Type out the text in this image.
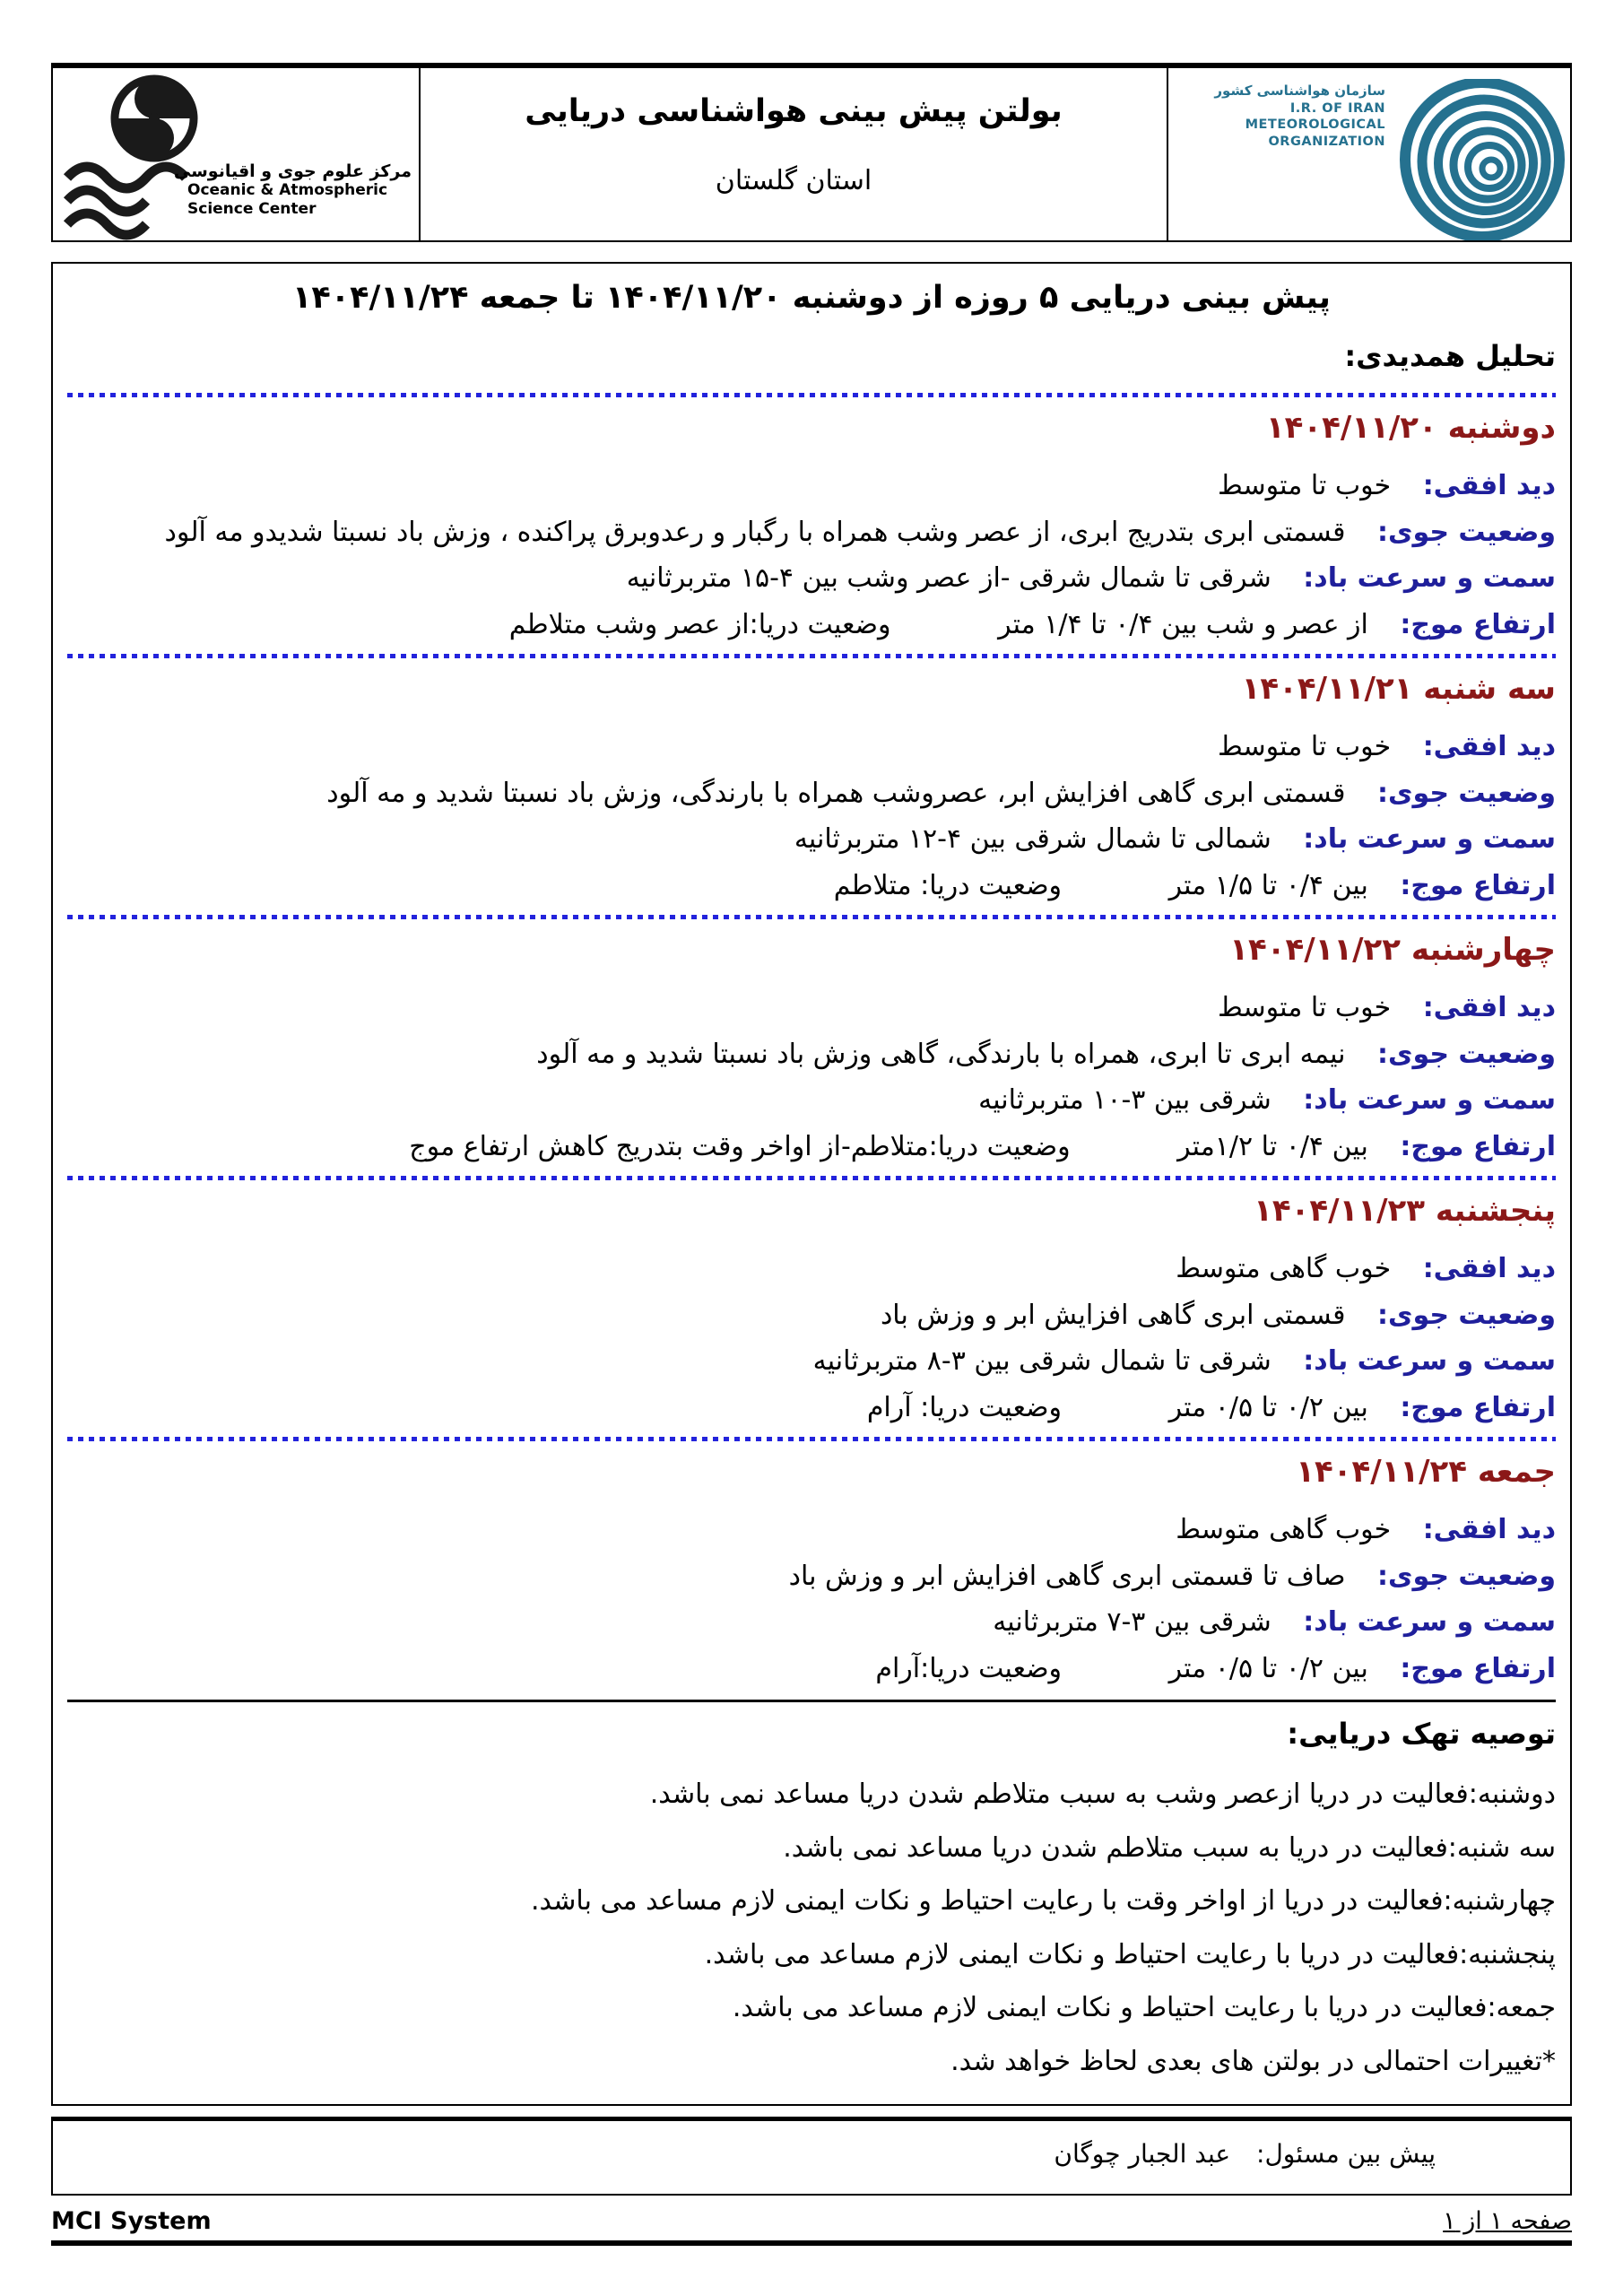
مرکز علوم جوی و اقیانوسی
Oceanic & Atmospheric
Science Center
بولتن پیش بینی هواشناسی دریایی
استان گلستان
سازمان هواشناسی کشور
I.R. OF IRAN
METEOROLOGICAL
ORGANIZATION
پیش بینی دریایی ۵ روزه از دوشنبه ۱۴۰۴/۱۱/۲۰ تا جمعه ۱۴۰۴/۱۱/۲۴
تحلیل همدیدی:
دوشنبه ۱۴۰۴/۱۱/۲۰
دید افقی: خوب تا متوسط
وضعیت جوی: قسمتی ابری بتدریج ابری، از عصر وشب همراه با رگبار و رعدوبرق پراکنده ، وزش باد نسبتا شدیدو مه آلود
سمت و سرعت باد: شرقی تا شمال شرقی -از عصر وشب بین ۴-۱۵ متربرثانیه
ارتفاع موج: از عصر و شب بین ۰/۴ تا ۱/۴ متر وضعیت دریا:از عصر وشب متلاطم
سه شنبه ۱۴۰۴/۱۱/۲۱
دید افقی: خوب تا متوسط
وضعیت جوی: قسمتی ابری گاهی افزایش ابر، عصروشب همراه با بارندگی، وزش باد نسبتا شدید و مه آلود
سمت و سرعت باد: شمالی تا شمال شرقی بین ۴-۱۲ متربرثانیه
ارتفاع موج: بین ۰/۴ تا ۱/۵ متر وضعیت دریا: متلاطم
چهارشنبه ۱۴۰۴/۱۱/۲۲
دید افقی: خوب تا متوسط
وضعیت جوی: نیمه ابری تا ابری، همراه با بارندگی، گاهی وزش باد نسبتا شدید و مه آلود
سمت و سرعت باد: شرقی بین ۳-۱۰ متربرثانیه
ارتفاع موج: بین ۰/۴ تا ۱/۲متر وضعیت دریا:متلاطم-از اواخر وقت بتدریج کاهش ارتفاع موج
پنجشنبه ۱۴۰۴/۱۱/۲۳
دید افقی: خوب گاهی متوسط
وضعیت جوی: قسمتی ابری گاهی افزایش ابر و وزش باد
سمت و سرعت باد: شرقی تا شمال شرقی بین ۳-۸ متربرثانیه
ارتفاع موج: بین ۰/۲ تا ۰/۵ متر وضعیت دریا: آرام
جمعه ۱۴۰۴/۱۱/۲۴
دید افقی: خوب گاهی متوسط
وضعیت جوی: صاف تا قسمتی ابری گاهی افزایش ابر و وزش باد
سمت و سرعت باد: شرقی بین ۳-۷ متربرثانیه
ارتفاع موج: بین ۰/۲ تا ۰/۵ متر وضعیت دریا:آرام
توصیه تهک دریایی:
دوشنبه:فعالیت در دریا ازعصر وشب به سبب متلاطم شدن دریا مساعد نمی باشد.
سه شنبه:فعالیت در دریا به سبب متلاطم شدن دریا مساعد نمی باشد.
چهارشنبه:فعالیت در دریا از اواخر وقت با رعایت احتیاط و نکات ایمنی لازم مساعد می باشد.
پنجشنبه:فعالیت در دریا با رعایت احتیاط و نکات ایمنی لازم مساعد می باشد.
جمعه:فعالیت در دریا با رعایت احتیاط و نکات ایمنی لازم مساعد می باشد.
*تغییرات احتمالی در بولتن های بعدی لحاظ خواهد شد.
پیش بین مسئول: عبد الجبار چوگان
MCI System	صفحه ۱ از ۱
